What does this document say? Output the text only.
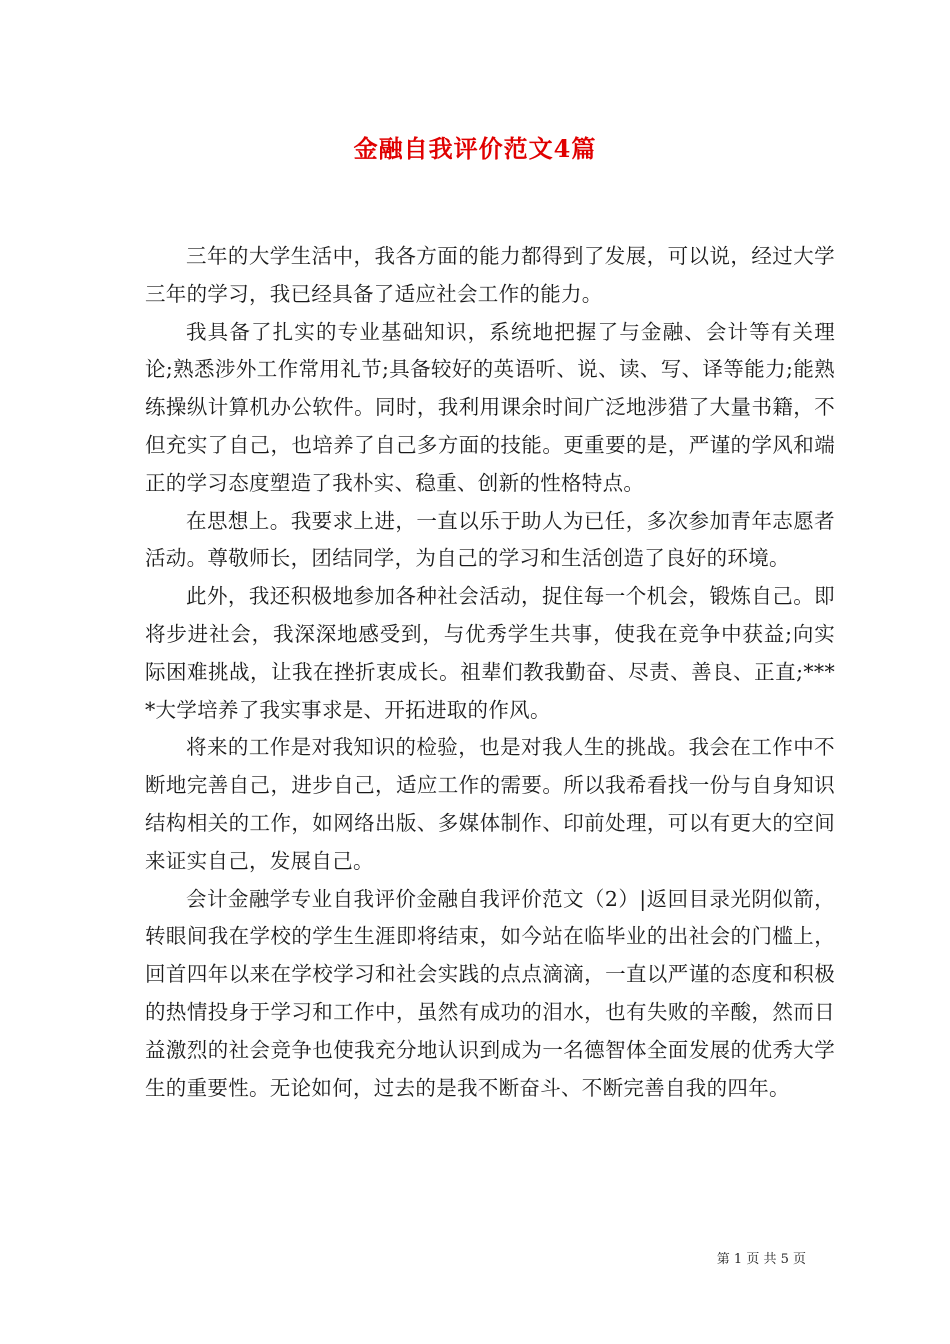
金融自我评价范文4篇

三年的大学生活中，我各方面的能力都得到了发展，可以说，经过大学三年的学习，我已经具备了适应社会工作的能力。

我具备了扎实的专业基础知识，系统地把握了与金融、会计等有关理论;熟悉涉外工作常用礼节;具备较好的英语听、说、读、写、译等能力;能熟练操纵计算机办公软件。同时，我利用课余时间广泛地涉猎了大量书籍，不但充实了自己，也培养了自己多方面的技能。更重要的是，严谨的学风和端正的学习态度塑造了我朴实、稳重、创新的性格特点。

在思想上。我要求上进，一直以乐于助人为已任，多次参加青年志愿者活动。尊敬师长，团结同学，为自己的学习和生活创造了良好的环境。

此外，我还积极地参加各种社会活动，捉住每一个机会，锻炼自己。即将步进社会，我深深地感受到，与优秀学生共事，使我在竞争中获益;向实际困难挑战，让我在挫折衷成长。祖辈们教我勤奋、尽责、善良、正直;****大学培养了我实事求是、开拓进取的作风。

将来的工作是对我知识的检验，也是对我人生的挑战。我会在工作中不断地完善自己，进步自己，适应工作的需要。所以我希看找一份与自身知识结构相关的工作，如网络出版、多媒体制作、印前处理，可以有更大的空间来证实自己，发展自己。

会计金融学专业自我评价金融自我评价范文（2）|返回目录光阴似箭，转眼间我在学校的学生生涯即将结束，如今站在临毕业的出社会的门槛上，回首四年以来在学校学习和社会实践的点点滴滴，一直以严谨的态度和积极的热情投身于学习和工作中，虽然有成功的泪水，也有失败的辛酸，然而日益激烈的社会竞争也使我充分地认识到成为一名德智体全面发展的优秀大学生的重要性。无论如何，过去的是我不断奋斗、不断完善自我的四年。

第 1 页 共 5 页
